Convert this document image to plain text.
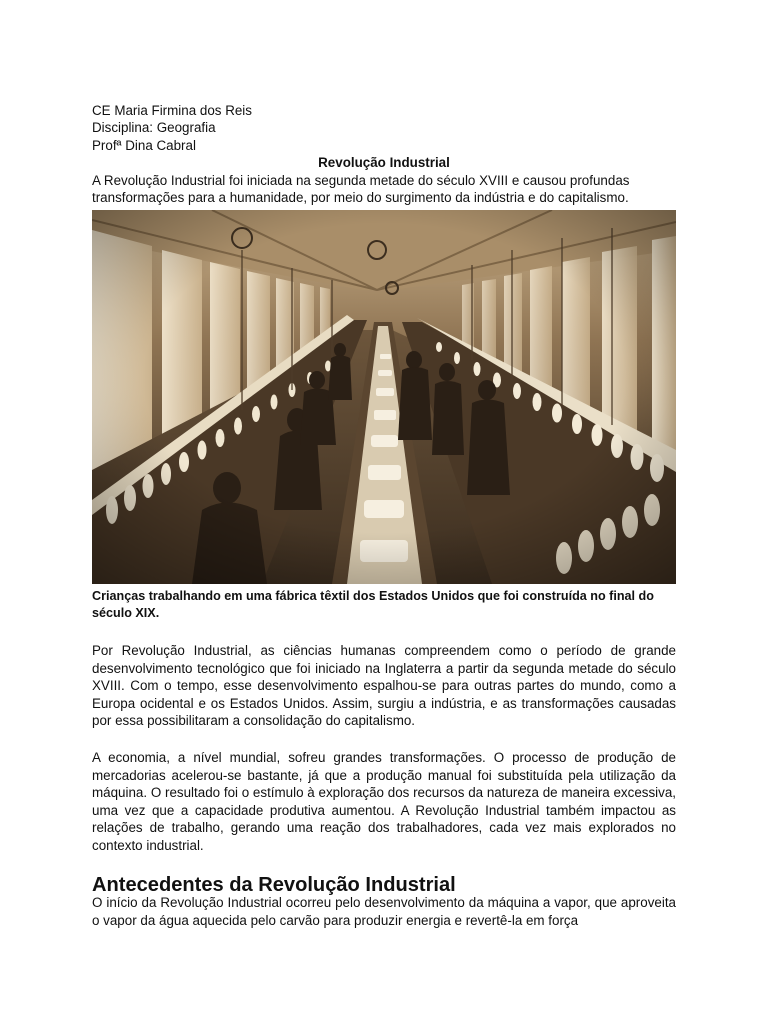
CE Maria Firmina dos Reis
Disciplina: Geografia
Profª Dina Cabral
Revolução Industrial

A Revolução Industrial foi iniciada na segunda metade do século XVIII e causou profundas transformações para a humanidade, por meio do surgimento da indústria e do capitalismo.

Crianças trabalhando em uma fábrica têxtil dos Estados Unidos que foi construída no final do século XIX.

Por Revolução Industrial, as ciências humanas compreendem como o período de grande desenvolvimento tecnológico que foi iniciado na Inglaterra a partir da segunda metade do século XVIII. Com o tempo, esse desenvolvimento espalhou-se para outras partes do mundo, como a Europa ocidental e os Estados Unidos. Assim, surgiu a indústria, e as transformações causadas por essa possibilitaram a consolidação do capitalismo.

A economia, a nível mundial, sofreu grandes transformações. O processo de produção de mercadorias acelerou-se bastante, já que a produção manual foi substituída pela utilização da máquina. O resultado foi o estímulo à exploração dos recursos da natureza de maneira excessiva, uma vez que a capacidade produtiva aumentou. A Revolução Industrial também impactou as relações de trabalho, gerando uma reação dos trabalhadores, cada vez mais explorados no contexto industrial.

Antecedentes da Revolução Industrial

O início da Revolução Industrial ocorreu pelo desenvolvimento da máquina a vapor, que aproveita o vapor da água aquecida pelo carvão para produzir energia e revertê-la em força
